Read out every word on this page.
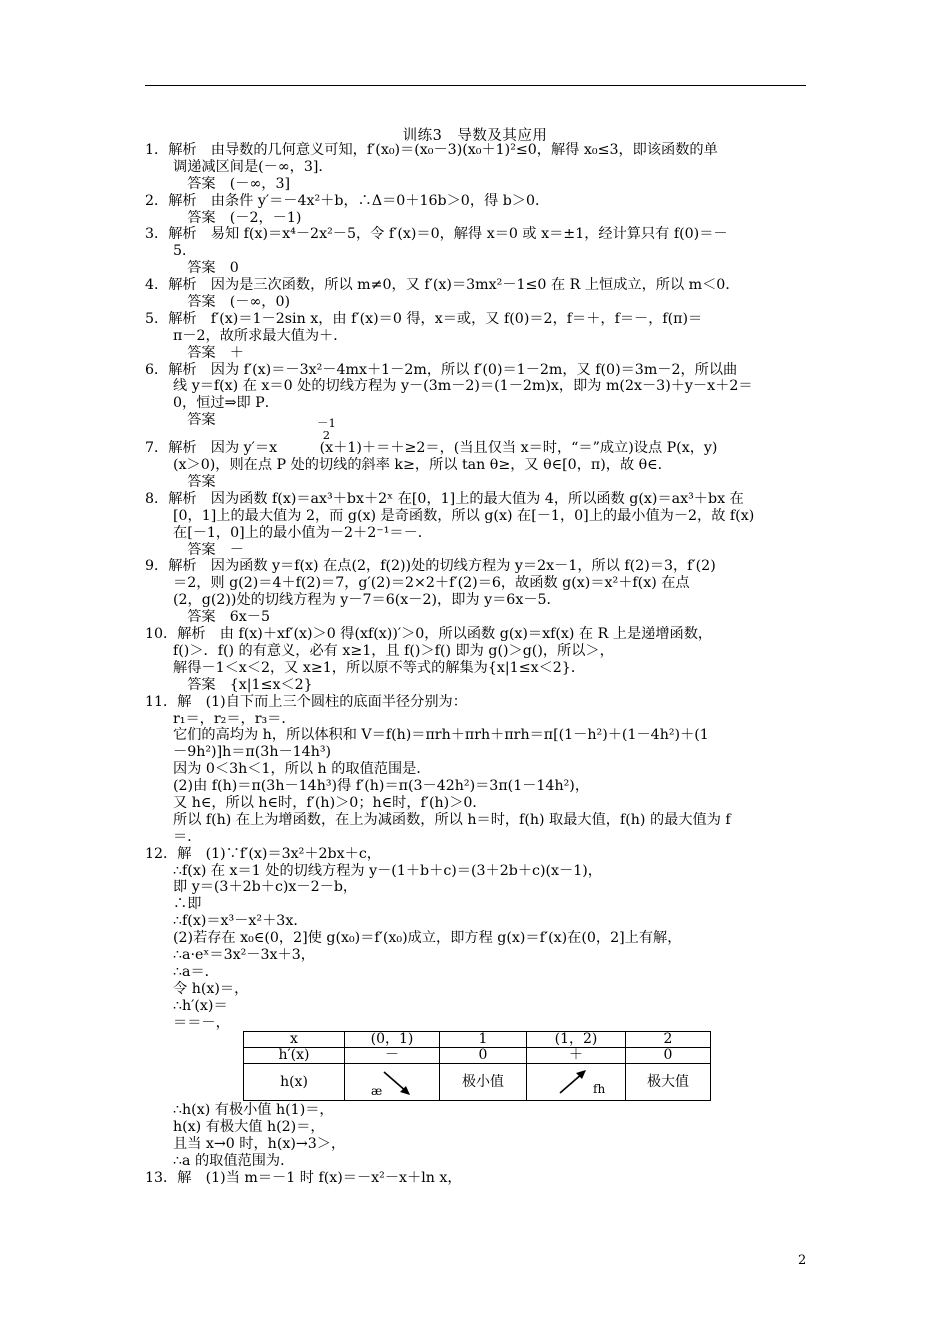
训练3　导数及其应用
1．解析　由导数的几何意义可知，f′(x₀)＝(x₀－3)(x₀＋1)²≤0，解得 x₀≤3，即该函数的单
调递减区间是(－∞，3]．
　答案　(－∞，3]
2．解析　由条件 y′＝－4x²＋b，∴Δ＝0＋16b＞0，得 b＞0．
　答案　(－2，－1)
3．解析　易知 f(x)＝x⁴－2x²－5，令 f′(x)＝0，解得 x＝0 或 x＝±1，经计算只有 f(0)＝－
5．
　答案　0
4．解析　因为是三次函数，所以 m≠0，又 f′(x)＝3mx²－1≤0 在 R 上恒成立，所以 m＜0．
　答案　(－∞，0)
5．解析　f′(x)＝1－2sin x，由 f′(x)＝0 得，x＝或，又 f(0)＝2，f＝＋，f＝－，f(π)＝
π－2，故所求最大值为＋．
　答案　＋
6．解析　因为 f′(x)＝－3x²－4mx＋1－2m，所以 f′(0)＝1－2m，又 f(0)＝3m－2，所以曲
线 y＝f(x) 在 x＝0 处的切线方程为 y－(3m－2)＝(1－2m)x，即为 m(2x－3)＋y－x＋2＝
0，恒过⇒即 P．
　答案	－1
2
7．解析　因为 y′＝x　　　(x＋1)＋＝＋≥2＝，(当且仅当 x＝时，“＝”成立)设点 P(x，y)
(x＞0)，则在点 P 处的切线的斜率 k≥，所以 tan θ≥，又 θ∈[0，π)，故 θ∈．
　答案
8．解析　因为函数 f(x)＝ax³＋bx＋2ˣ 在[0，1]上的最大值为 4，所以函数 g(x)＝ax³＋bx 在
[0，1]上的最大值为 2，而 g(x) 是奇函数，所以 g(x) 在[－1，0]上的最小值为－2，故 f(x)
在[－1，0]上的最小值为－2＋2⁻¹＝－．
　答案　－
9．解析　因为函数 y＝f(x) 在点(2，f(2))处的切线方程为 y＝2x－1，所以 f(2)＝3，f′(2)
＝2，则 g(2)＝4＋f(2)＝7，g′(2)＝2×2＋f′(2)＝6，故函数 g(x)＝x²＋f(x) 在点
(2，g(2))处的切线方程为 y－7＝6(x－2)，即为 y＝6x－5．
　答案　6x－5
10．解析　由 f(x)＋xf′(x)＞0 得(xf(x))′＞0，所以函数 g(x)＝xf(x) 在 R 上是递增函数，
f()＞．f() 的有意义，必有 x≥1，且 f()＞f() 即为 g()＞g()，所以＞，
解得－1＜x＜2，又 x≥1，所以原不等式的解集为{x|1≤x＜2}．
　答案　{x|1≤x＜2}
11．解　(1)自下而上三个圆柱的底面半径分别为：
r₁＝，r₂＝，r₃＝．
它们的高均为 h，所以体积和 V＝f(h)＝πrh＋πrh＋πrh＝π[(1－h²)＋(1－4h²)＋(1
－9h²)]h＝π(3h－14h³)
因为 0＜3h＜1，所以 h 的取值范围是．
(2)由 f(h)＝π(3h－14h³)得 f′(h)＝π(3－42h²)＝3π(1－14h²)，
又 h∈，所以 h∈时，f′(h)＞0；h∈时，f′(h)＞0．
所以 f(h) 在上为增函数，在上为减函数，所以 h＝时，f(h) 取最大值，f(h) 的最大值为 f
＝．
12．解　(1)∵f′(x)＝3x²＋2bx＋c，
∴f(x) 在 x＝1 处的切线方程为 y－(1＋b＋c)＝(3＋2b＋c)(x－1)，
即 y＝(3＋2b＋c)x－2－b，
∴即
∴f(x)＝x³－x²＋3x．
(2)若存在 x₀∈(0，2]使 g(x₀)＝f′(x₀)成立，即方程 g(x)＝f′(x)在(0，2]上有解，
∴a·eˣ＝3x²－3x＋3，
∴a＝．
令 h(x)＝，
∴h′(x)＝
＝＝－，
x	(0，1)	1	(1，2)	2
h′(x)	－	0	＋	0
h(x)	æ	极小值	fh	极大值
∴h(x) 有极小值 h(1)＝，
h(x) 有极大值 h(2)＝，
且当 x→0 时，h(x)→3＞，
∴a 的取值范围为．
13．解　(1)当 m＝－1 时 f(x)＝－x²－x＋ln x，
2
